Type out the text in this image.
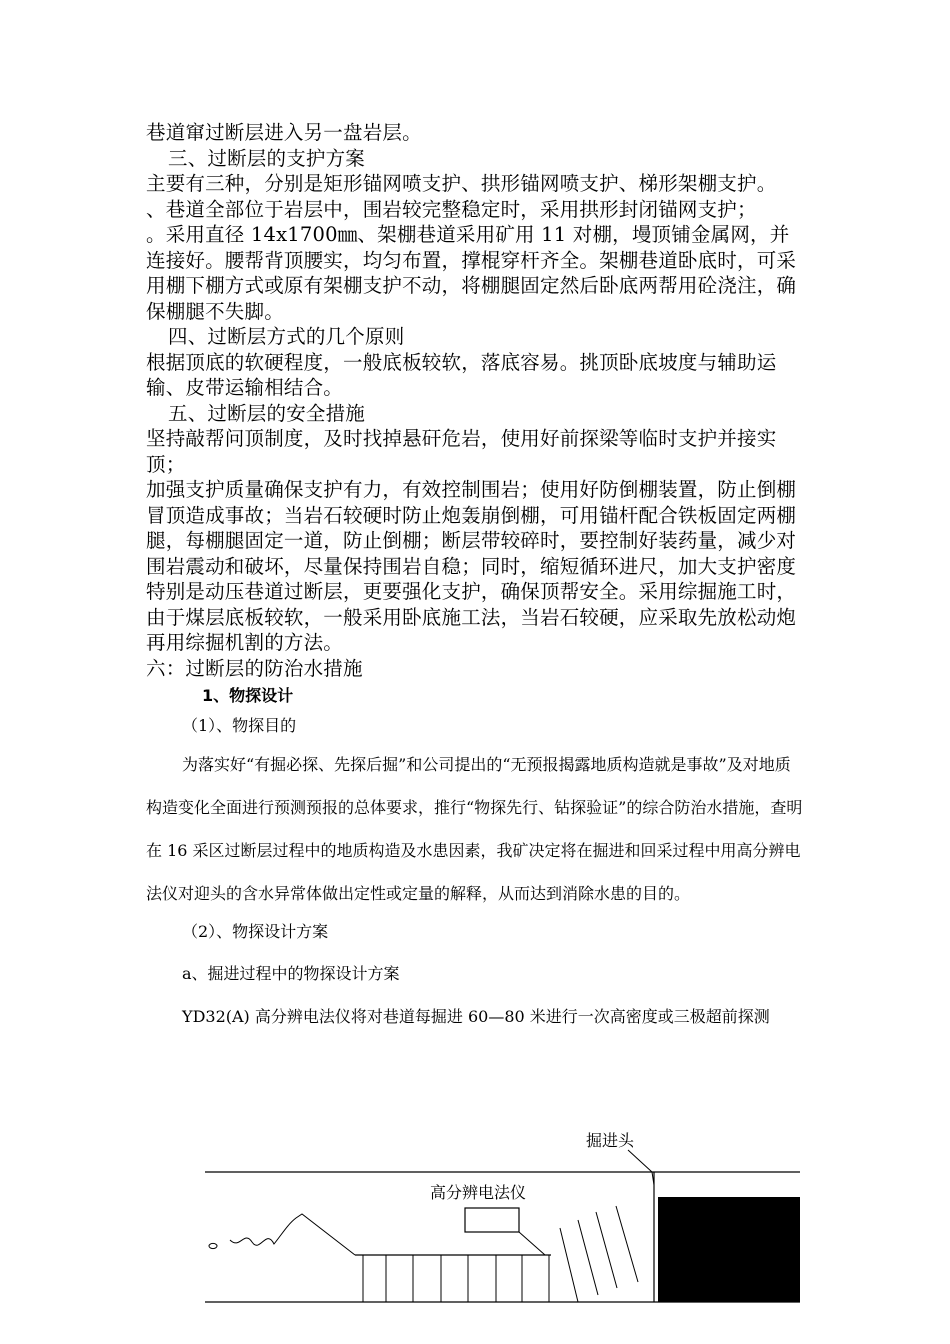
巷道窜过断层进入另一盘岩层。

三、过断层的支护方案

主要有三种，分别是矩形锚网喷支护、拱形锚网喷支护、梯形架棚支护。

、巷道全部位于岩层中，围岩较完整稳定时，采用拱形封闭锚网支护；

。采用直径 14x1700㎜、架棚巷道采用矿用 11 对棚，墁顶铺金属网，并连接好。腰帮背顶腰实，均匀布置，撑棍穿杆齐全。架棚巷道卧底时，可采用棚下棚方式或原有架棚支护不动，将棚腿固定然后卧底两帮用砼浇注，确保棚腿不失脚。

四、过断层方式的几个原则

根据顶底的软硬程度，一般底板较软，落底容易。挑顶卧底坡度与辅助运输、皮带运输相结合。

五、过断层的安全措施

坚持敲帮问顶制度，及时找掉悬矸危岩，使用好前探梁等临时支护并接实顶；

加强支护质量确保支护有力，有效控制围岩；使用好防倒棚装置，防止倒棚冒顶造成事故；当岩石较硬时防止炮轰崩倒棚，可用锚杆配合铁板固定两棚腿，每棚腿固定一道，防止倒棚；断层带较碎时，要控制好装药量，减少对围岩震动和破坏，尽量保持围岩自稳；同时，缩短循环进尺，加大支护密度特别是动压巷道过断层，更要强化支护，确保顶帮安全。采用综掘施工时，由于煤层底板较软，一般采用卧底施工法，当岩石较硬，应采取先放松动炮再用综掘机割的方法。

六：过断层的防治水措施

1、物探设计

（1）、物探目的

为落实好“有掘必探、先探后掘”和公司提出的“无预报揭露地质构造就是事故”及对地质构造变化全面进行预测预报的总体要求，推行“物探先行、钻探验证”的综合防治水措施，查明在 16 采区过断层过程中的地质构造及水患因素，我矿决定将在掘进和回采过程中用高分辨电法仪对迎头的含水异常体做出定性或定量的解释，从而达到消除水患的目的。

（2）、物探设计方案

a、掘进过程中的物探设计方案

YD32(A) 高分辨电法仪将对巷道每掘进 60—80 米进行一次高密度或三极超前探测

掘进头
高分辨电法仪
